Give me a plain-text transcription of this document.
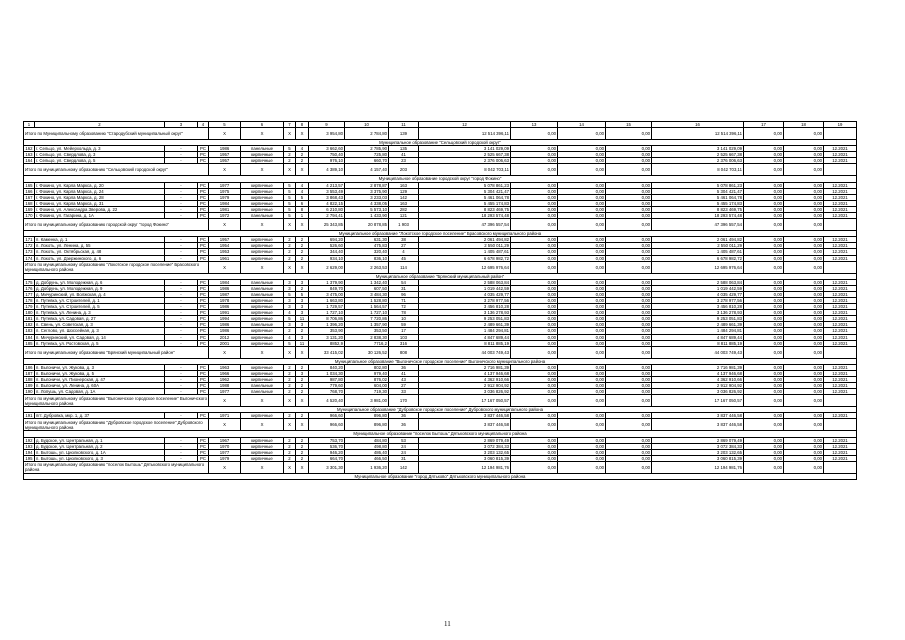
1	2	3	4	5	6	7	8	9	10	11	12	13	14	15	16	17	18	19
Итого по Муниципальному образованию "Стародубский муниципальный округ"				X	X	X	X	3 954,80	2 784,80	139	12 514 396,11	0,00	0,00	0,00	12 514 396,11	0,00	0,00	
Муниципальное образование "Сельцовский городской округ"																		
162	г. Сельцо, ул. Мейерхольда, д. 3	-	РС	1986	панельные	5	4	3 662,60	2 785,90	135	3 141 029,09	0,00	0,00	0,00	3 141 029,09	0,00	0,00	12.2021
163	г. Сельцо, ул. Свердлова, д. 3	-	РС	1957	кирпичные	2	2	750,40	725,80	41	2 525 667,38	0,00	0,00	0,00	2 525 667,38	0,00	0,00	12.2021
164	г. Сельцо, ул. Свердлова, д. 5	-	РС	1957	кирпичные	2	2	976,10	660,70	23	2 376 006,63	0,00	0,00	0,00	2 376 006,63	0,00	0,00	12.2021
Итого по муниципальному образованию "Сельцовский городской округ"				X	X	X	X	4 389,10	4 157,40	203	8 042 703,11	0,00	0,00	0,00	8 042 703,11	0,00	0,00	
Муниципальное образование городской округ "город Фокино"																		
165	г. Фокино, ул. Карла Маркса, д. 20	-	РС	1977	кирпичные	5	4	4 213,57	2 878,87	163	5 078 861,23	0,00	0,00	0,00	5 078 861,23	0,00	0,00	12.2021
166	г. Фокино, ул. Карла Маркса, д. 24	-	РС	1975	кирпичные	5	4	3 553,49	3 375,90	129	5 304 421,47	0,00	0,00	0,00	5 304 421,47	0,00	0,00	12.2021
167	г. Фокино, ул. Карла Маркса, д. 28	-	РС	1979	кирпичные	5	5	3 868,43	3 233,03	142	5 461 064,78	0,00	0,00	0,00	5 461 064,78	0,00	0,00	12.2021
168	г. Фокино, ул. Карла Маркса, д. 31	-	РС	1984	кирпичные	5	6	4 822,15	4 338,05	163	5 455 174,83	0,00	0,00	0,00	5 455 174,83	0,00	0,00	12.2021
169	г. Фокино, ул. Александра Зверова, д. 22	-	РС	1981	кирпичные	5	8	6 210,80	5 573,10	282	8 823 469,75	0,00	0,00	0,00	8 823 469,75	0,00	0,00	12.2021
170	г. Фокино, ул. Гагарина, д. 1А	-	РС	1972	панельные	5	1	2 794,41	1 433,90	121	18 293 574,48	0,00	0,00	0,00	18 293 574,48	0,00	0,00	12.2021
Итого по муниципальному образованию городской округ "город Фокино"				X	X	X	X	25 343,85	20 878,85	1 903	47 396 557,54	0,00	0,00	0,00	47 396 557,54	0,00	0,00	
Муниципальное образование "Локотское городское поселение" Брасовского муниципального района																		
171	п. Каменка, д. 1	-	РС	1957	кирпичные	2	2	694,20	631,30	38	2 061 494,82	0,00	0,00	0,00	2 061 494,82	0,00	0,00	12.2021
172	п. Локоть, ул. Ленина, д. 55	-	РС	1954	кирпичные	2	2	526,60	475,83	27	2 550 011,29	0,00	0,00	0,00	2 550 011,29	0,00	0,00	12.2021
173	п. Локоть, ул. Октябрьская, д. 48	-	РС	1953	кирпичные	2	2	344,40	320,40	4	1 405 487,61	0,00	0,00	0,00	1 405 487,61	0,00	0,00	12.2021
174	п. Локоть, ул. Дзержинского, д. 6	-	РС	1961	кирпичные	2	2	934,10	836,10	45	6 678 982,72	0,00	0,00	0,00	6 678 982,72	0,00	0,00	12.2021
Итого по муниципальному образованию "Локотское городское поселение" Брасовского муниципального района				X	X	X	X	2 629,00	2 263,53	114	12 695 976,64	0,00	0,00	0,00	12 695 976,64	0,00	0,00	
Муниципальное образование "Брянский муниципальный район"																		
175	д. Добрунь, ул. Молодежная, д. 6	-	РС	1984	панельные	3	3	1 379,90	1 342,40	54	2 588 063,84	0,00	0,00	0,00	2 588 063,84	0,00	0,00	12.2021
176	д. Добрунь, ул. Молодежная, д. 9	-	РС	1986	панельные	3	2	849,70	607,50	31	1 019 442,59	0,00	0,00	0,00	1 019 442,59	0,00	0,00	12.2021
177	д. Мичуринский, ул. Волжская, д. 4	-	РС	1987	панельные	5	5	3 475,00	3 484,30	96	4 035 429,77	0,00	0,00	0,00	4 035 429,77	0,00	0,00	12.2021
178	п. Путевка, ул. Строителей, д. 1	-	РС	1978	кирпичные	3	3	1 663,80	1 528,80	71	3 278 977,56	0,00	0,00	0,00	3 278 977,56	0,00	0,00	12.2021
179	п. Путевка, ул. Строителей, д. 5	-	РС	1986	кирпичные	3	3	1 729,57	1 564,57	72	3 456 810,28	0,00	0,00	0,00	3 456 810,28	0,00	0,00	12.2021
180	п. Путевка, ул. Ленина, д. 3	-	РС	1991	кирпичные	4	3	1 727,10	1 727,10	78	3 136 278,93	0,00	0,00	0,00	3 136 278,93	0,00	0,00	12.2021
181	п. Путевка, ул. Садовая, д. 27	-	РС	1994	кирпичные	5	11	8 706,86	7 720,86	10	9 253 051,83	0,00	0,00	0,00	9 253 051,83	0,00	0,00	12.2021
182	п. Свень, ул. Советская, д. 3	-	РС	1986	панельные	3	3	1 396,20	1 357,90	59	2 489 661,39	0,00	0,00	0,00	2 489 661,39	0,00	0,00	12.2021
183	п. Сеглово, ул. Шоссейная, д. 3	-	РС	1986	кирпичные	2	2	353,90	353,50	17	1 484 294,81	0,00	0,00	0,00	1 484 294,81	0,00	0,00	12.2021
184	п. Мичуринский, ул. Садовая, д. 14	-	РС	2012	кирпичные	4	3	3 131,20	2 838,30	103	4 847 689,44	0,00	0,00	0,00	4 847 689,44	0,00	0,00	12.2021
185	п. Путевка, ул. Ростовская, д. 5	-	РС	2001	кирпичные	5	11	8852,9	7716,2	316	8 811 885,19	0,00	0,00	0,00	8 811 885,19	0,00	0,00	12.2021
Итого по муниципальному образованию "Брянский муниципальный район"				X	X	X	X	33 415,02	30 126,52	808	44 003 749,43	0,00	0,00	0,00	44 003 749,43	0,00	0,00	
Муниципальное образование "Выгоничское городское поселение" Выгоничского муниципального района																		
186	п. Выгоничи, ул. Жукова, д. 3	-	РС	1963	кирпичные	2	2	840,20	802,80	36	2 716 981,39	0,00	0,00	0,00	2 716 981,39	0,00	0,00	12.2021
187	п. Выгоничи, ул. Жукова, д. 5	-	РС	1966	кирпичные	2	3	1 034,30	979,40	41	4 137 946,68	0,00	0,00	0,00	4 137 946,68	0,00	0,00	12.2021
188	п. Выгоничи, ул. Пионерская, д. 47	-	РС	1962	кирпичные	2	2	987,80	876,02	43	4 362 910,66	0,00	0,00	0,00	4 362 910,66	0,00	0,00	12.2021
189	п. Выгоничи, ул. Ленина, д. 60А	-	РС	1988	панельные	2	2	779,60	604,00	27	2 912 904,92	0,00	0,00	0,00	2 912 904,92	0,00	0,00	12.2021
190	п. Лопушь, ул. Садовая, д. 1А	-	РС	1977	панельные	2	2	768,70	719,30	33	3 036 826,92	0,00	0,00	0,00	3 036 826,92	0,00	0,00	12.2021
Итого по муниципальному образованию "Выгоничское городское поселение" Выгоничского муниципального района				X	X	X	X	4 520,40	3 981,00	170	17 167 050,57	0,00	0,00	0,00	17 167 050,57	0,00	0,00	
Муниципальное образование "Дубровское городское поселение" Дубровского муниципального района																		
191	пгт. Дубровка, мкр. 1, д. 37	-	РС	1971	кирпичные	2	2	966,60	896,80	36	3 837 446,58	0,00	0,00	0,00	3 837 446,58	0,00	0,00	12.2021
Итого по муниципальному образованию "Дубровское городское поселение" Дубровского муниципального района				X	X	X	X	966,60	896,80	36	3 837 446,58	0,00	0,00	0,00	3 837 446,58	0,00	0,00	
Муниципальное образование "поселок Бытошь" Дятьковского муниципального района																		
192	д. Будское, ул. Центральная, д. 1	-	РС	1967	кирпичные	2	2	753,70	484,80	53	2 869 079,49	0,00	0,00	0,00	2 869 079,49	0,00	0,00	12.2021
193	д. Будское, ул. Центральная, д. 2	-	РС	1970	кирпичные	2	2	536,70	498,80	24	3 072 384,33	0,00	0,00	0,00	3 072 384,33	0,00	0,00	12.2021
194	п. Бытошь, ул. Циолковского, д. 1А	-	РС	1977	кирпичные	2	2	946,20	486,40	24	3 203 132,65	0,00	0,00	0,00	3 203 132,65	0,00	0,00	12.2021
195	п. Бытошь, ул. Циолковского, д. 3	-	РС	1979	кирпичные	2	2	664,70	466,50	31	3 060 815,39	0,00	0,00	0,00	3 060 815,39	0,00	0,00	12.2021
Итого по муниципальному образованию "поселок Бытошь" Дятьковского муниципального района				X	X	X	X	3 301,30	1 936,20	142	12 194 981,76	0,00	0,00	0,00	12 194 981,76	0,00	0,00	
Муниципальное образование "город Дятьково" Дятьковского муниципального района																		
11
